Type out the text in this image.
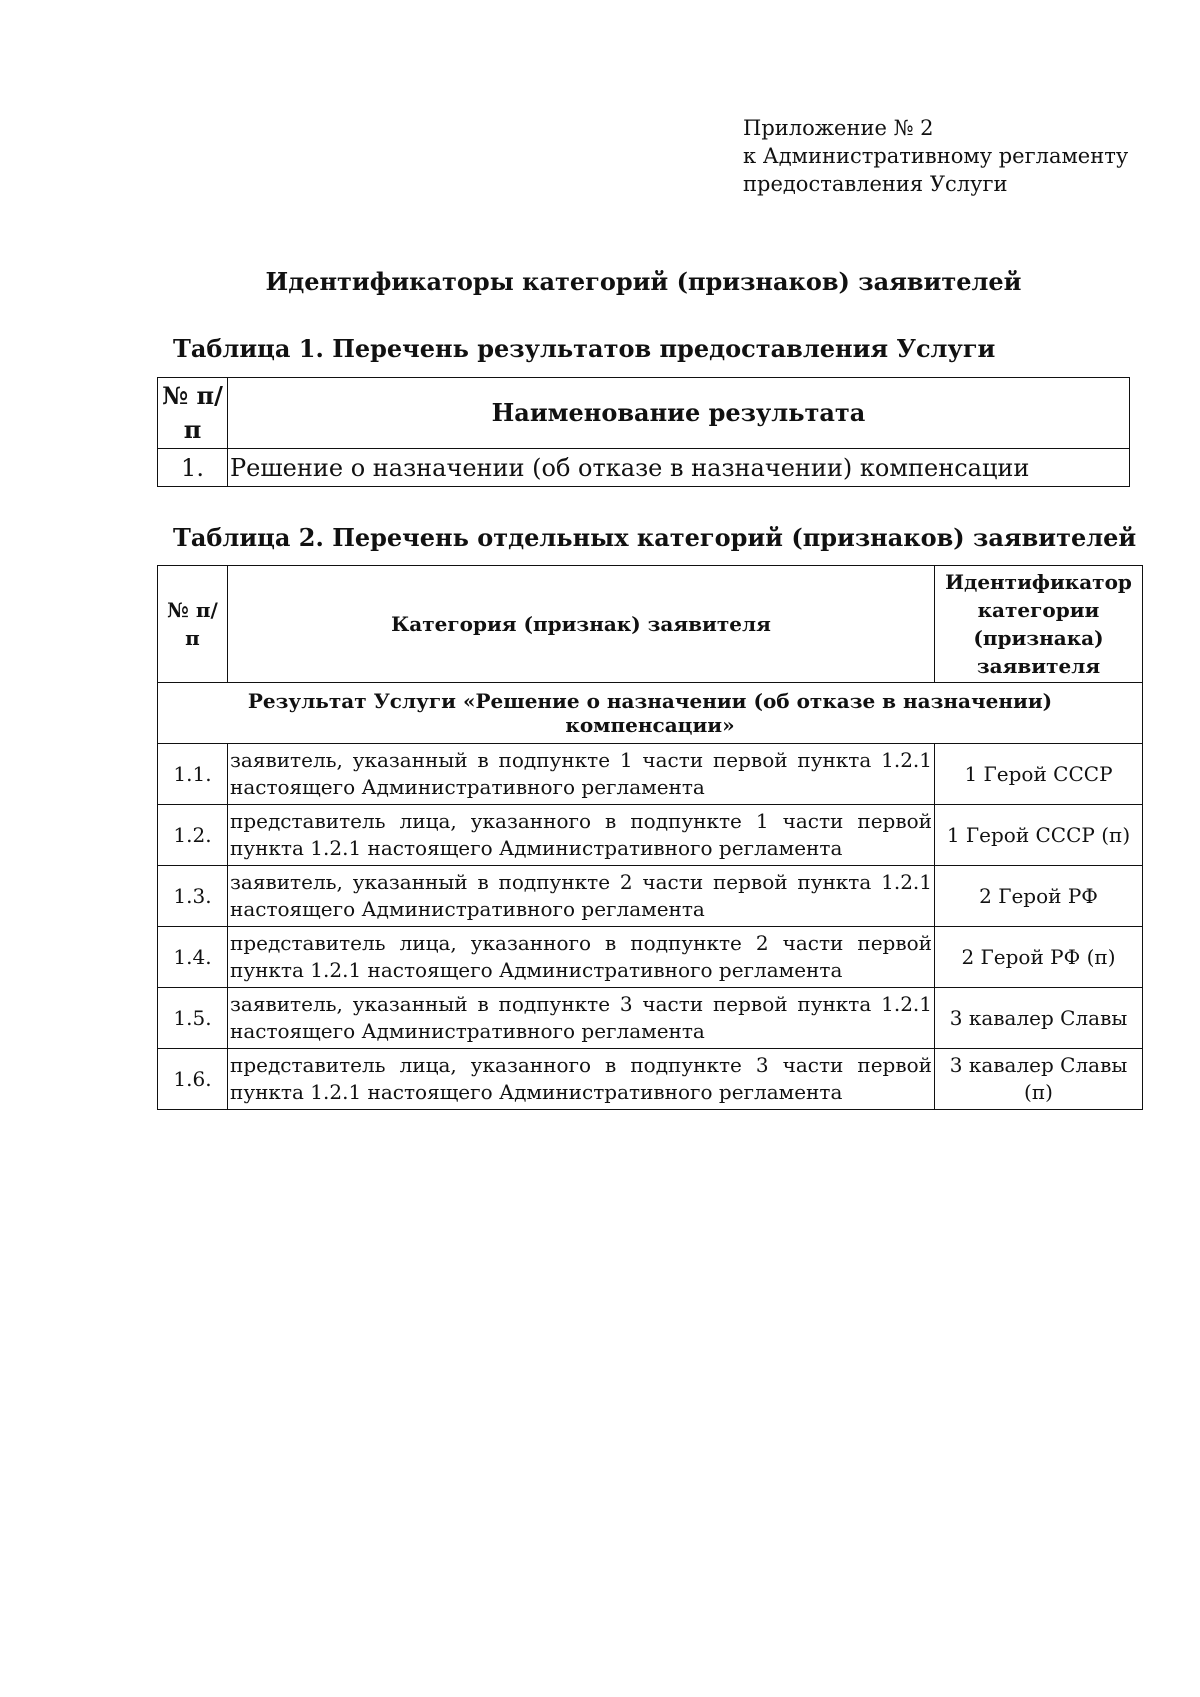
Приложение № 2
к Административному регламенту
предоставления Услуги
Идентификаторы категорий (признаков) заявителей
Таблица 1. Перечень результатов предоставления Услуги
№ п/п	Наименование результата
1.	Решение о назначении (об отказе в назначении) компенсации
Таблица 2. Перечень отдельных категорий (признаков) заявителей
№ п/п	Категория (признак) заявителя	Идентификатор категории (признака) заявителя
Результат Услуги «Решение о назначении (об отказе в назначении) компенсации»		
1.1.	заявитель, указанный в подпункте 1 части первой пункта 1.2.1 настоящего Административного регламента	1 Герой СССР
1.2.	представитель лица, указанного в подпункте 1 части первой пункта 1.2.1 настоящего Административного регламента	1 Герой СССР (п)
1.3.	заявитель, указанный в подпункте 2 части первой пункта 1.2.1 настоящего Административного регламента	2 Герой РФ
1.4.	представитель лица, указанного в подпункте 2 части первой пункта 1.2.1 настоящего Административного регламента	2 Герой РФ (п)
1.5.	заявитель, указанный в подпункте 3 части первой пункта 1.2.1 настоящего Административного регламента	3 кавалер Славы
1.6.	представитель лица, указанного в подпункте 3 части первой пункта 1.2.1 настоящего Административного регламента	3 кавалер Славы (п)
